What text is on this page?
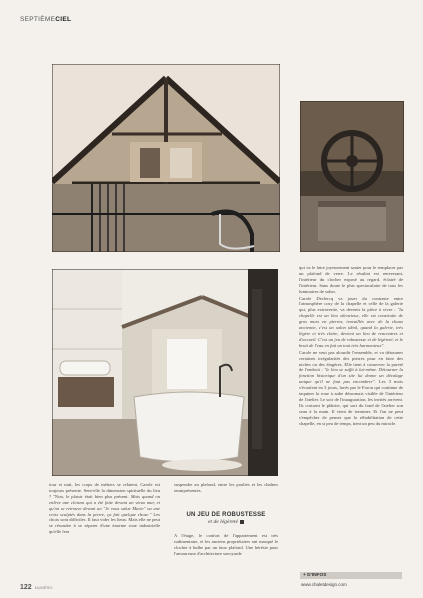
SEPTIÈMECIEL

tour et nuit, les corps de métiers se relaient, Carole est toujours présente. Sent-elle la dimension spirituelle du lieu ? "Non, le plaisir était bien plus présent. Mais quand on enlève une cloison qui a été faite devant un vieux mur, et qu'on se retrouve devant un "Je vous salue Marie" ou une croix sculptés dans la pierre, ça fait quelque chose." Les choix sont difficiles. Il faut vider les lieux. Mais elle ne peut se résoudre à se séparer d'une énorme roue industrielle qu'elle fera

suspendre au plafond, entre les poulies et les chaînes omniprésentes.

UN JEU DE ROBUSTESSE
et de légèreté

A l'étage, le confort de l'appartement est très rudimentaire, et les anciens propriétaires ont masqué le clocher à bulbe par un faux plafond. Une hérésie pour l'amoureuse d'architecture savoyarde

qui va le faire joyeusement sauter pour le remplacer par un plafond de verre. Le résultat est renversant, l'intérieur du clocher exposé au regard, éclairé de l'intérieur. Sans doute le plus spectaculaire de tous les luminaires de salon.

Carole Declercq va jouer du contraste entre l'atmosphère cosy de la chapelle et celle de la galerie qui, plus extravertie, va devenir la pièce à vivre : "la chapelle est un lieu silencieux, elle est construite de gros murs en pierres, travaillés avec de la chaux ancienne, c'est un salon idéal, quand la galerie, très légère et très claire, devient un lieu de rencontres et d'accueil. C'est un jeu de robustesse et de légèreté, et le bruit de l'eau en fait un tout très harmonieux".

Carole ne veut pas alourdir l'ensemble, et va détourner certaines irrégularités des pierres pour en faire des niches ou des étagères. Elle tient à conserver la pureté de l'endroit : "le lieu se suffit à lui-même. Détourner la fonction historique d'un site lui donne un décalage unique qu'il ne faut pas encombrer". Les 3 mois s'écoulent en 3 jours, lavés par le Foron qui continue de taquiner la roue à aube désormais visible de l'intérieur de l'atelier. Le soir de l'inauguration, les invités arrivent. Ils croisent le plâtrier, qui sort du fond de l'atelier son seau à la main. Il vient de terminer. Et l'on ne peut s'empêcher de penser que la réhabilitation de cette chapelle, en si peu de temps, tient un peu du miracle.

+ D'INFOS
www.chaletdesign.com
122 NUMÉRO
